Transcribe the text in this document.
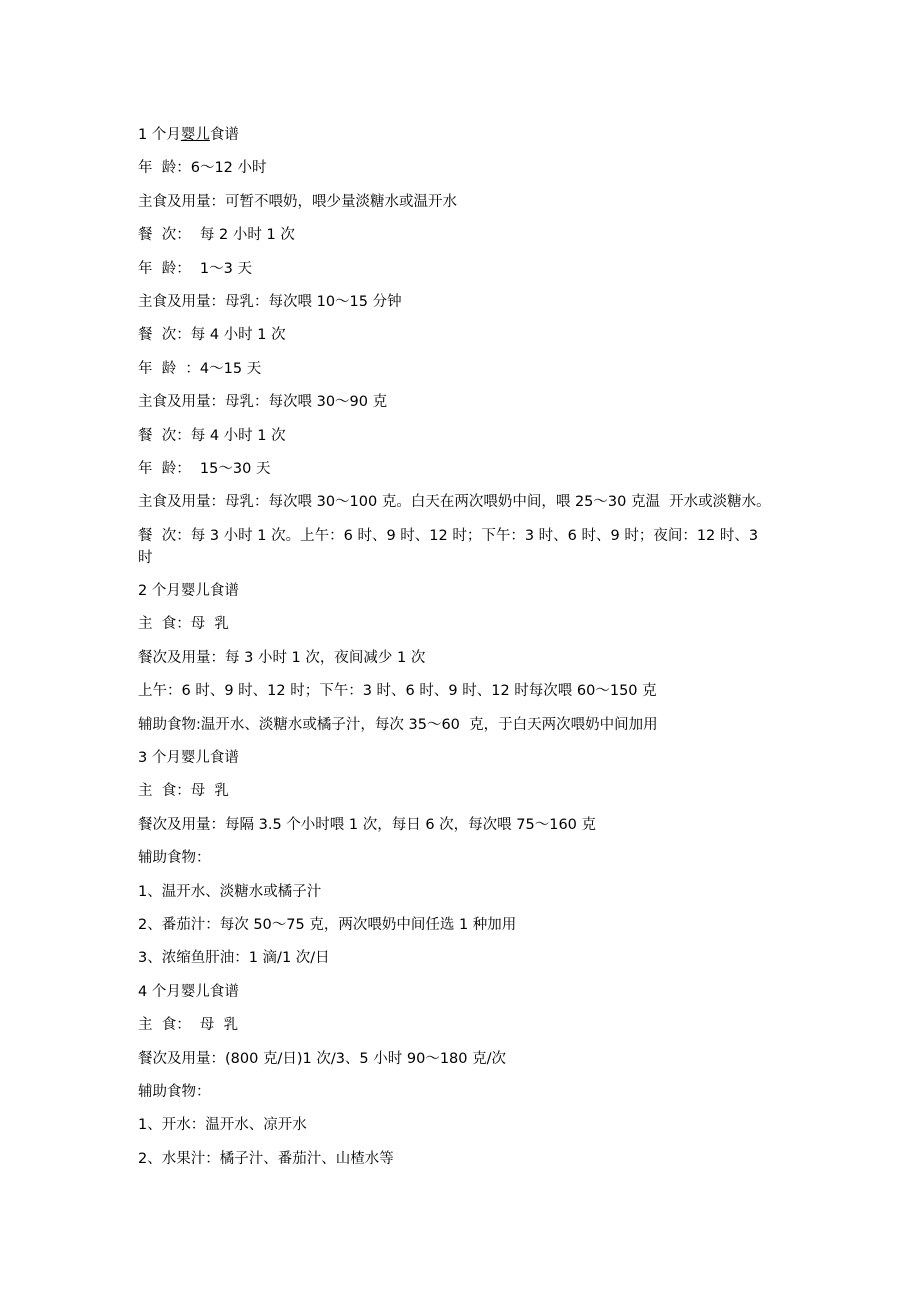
1 个月婴儿食谱
年  龄：6～12 小时
主食及用量：可暂不喂奶，喂少量淡糖水或温开水
餐  次：  每 2 小时 1 次
年  龄：  1～3 天
主食及用量：母乳：每次喂 10～15 分钟
餐  次：每 4 小时 1 次
年  龄  ：4～15 天
主食及用量：母乳：每次喂 30～90 克
餐  次：每 4 小时 1 次
年  龄：  15～30 天
主食及用量：母乳：每次喂 30～100 克。白天在两次喂奶中间，喂 25～30 克温  开水或淡糖水。
餐  次：每 3 小时 1 次。上午：6 时、9 时、12 时；下午：3 时、6 时、9 时；夜间：12 时、3
时
2 个月婴儿食谱
主  食：母  乳
餐次及用量：每 3 小时 1 次，夜间减少 1 次
上午：6 时、9 时、12 时；下午：3 时、6 时、9 时、12 时每次喂 60～150 克
辅助食物:温开水、淡糖水或橘子汁，每次 35～60  克，于白天两次喂奶中间加用
3 个月婴儿食谱
主  食：母  乳
餐次及用量：每隔 3.5 个小时喂 1 次，每日 6 次，每次喂 75～160 克
辅助食物：
1、温开水、淡糖水或橘子汁
2、番茄汁：每次 50～75 克，两次喂奶中间任选 1 种加用
3、浓缩鱼肝油：1 滴/1 次/日
4 个月婴儿食谱
主  食：  母  乳
餐次及用量：(800 克/日)1 次/3、5 小时 90～180 克/次
辅助食物：
1、开水：温开水、凉开水
2、水果汁：橘子汁、番茄汁、山楂水等
